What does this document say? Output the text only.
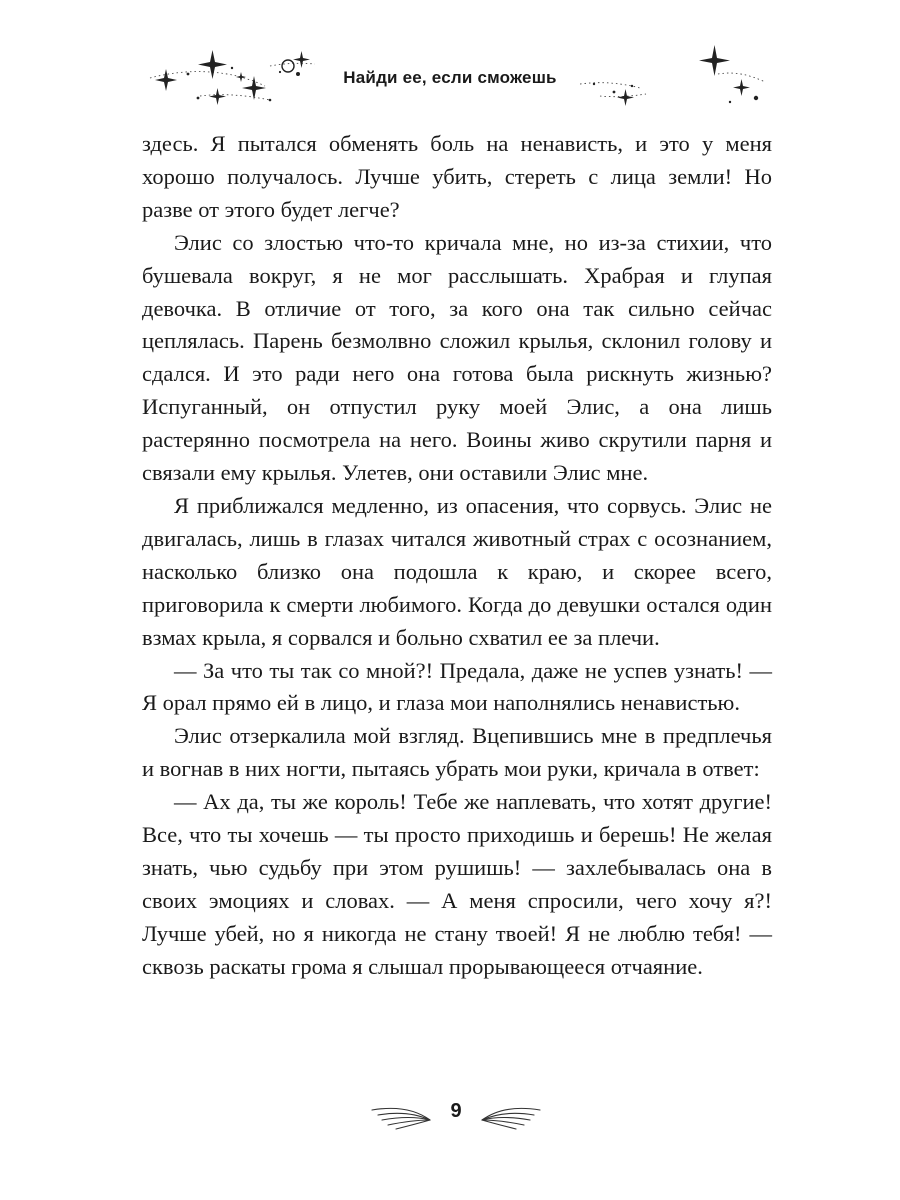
Найди ее, если сможешь

здесь. Я пытался обменять боль на ненависть, и это у меня хорошо получалось. Лучше убить, стереть с лица земли! Но разве от этого будет легче?

Элис со злостью что-то кричала мне, но из-за стихии, что бушевала вокруг, я не мог расслышать. Храбрая и глупая девочка. В отличие от того, за кого она так сильно сейчас цеплялась. Парень безмолвно сложил крылья, склонил голову и сдался. И это ради него она готова была рискнуть жизнью? Испуганный, он отпустил руку моей Элис, а она лишь растерянно посмотрела на него. Воины живо скрутили парня и связали ему крылья. Улетев, они оставили Элис мне.

Я приближался медленно, из опасения, что сорвусь. Элис не двигалась, лишь в глазах читался животный страх с осознанием, насколько близко она подошла к краю, и скорее всего, приговорила к смерти любимого. Когда до девушки остался один взмах крыла, я сорвался и больно схватил ее за плечи.

— За что ты так со мной?! Предала, даже не успев узнать! — Я орал прямо ей в лицо, и глаза мои наполнялись ненавистью.

Элис отзеркалила мой взгляд. Вцепившись мне в предплечья и вогнав в них ногти, пытаясь убрать мои руки, кричала в ответ:

— Ах да, ты же король! Тебе же наплевать, что хотят другие! Все, что ты хочешь — ты просто приходишь и берешь! Не желая знать, чью судьбу при этом рушишь! — захлебывалась она в своих эмоциях и словах. — А меня спросили, чего хочу я?! Лучше убей, но я никогда не стану твоей! Я не люблю тебя! — сквозь раскаты грома я слышал прорывающееся отчаяние.

9
